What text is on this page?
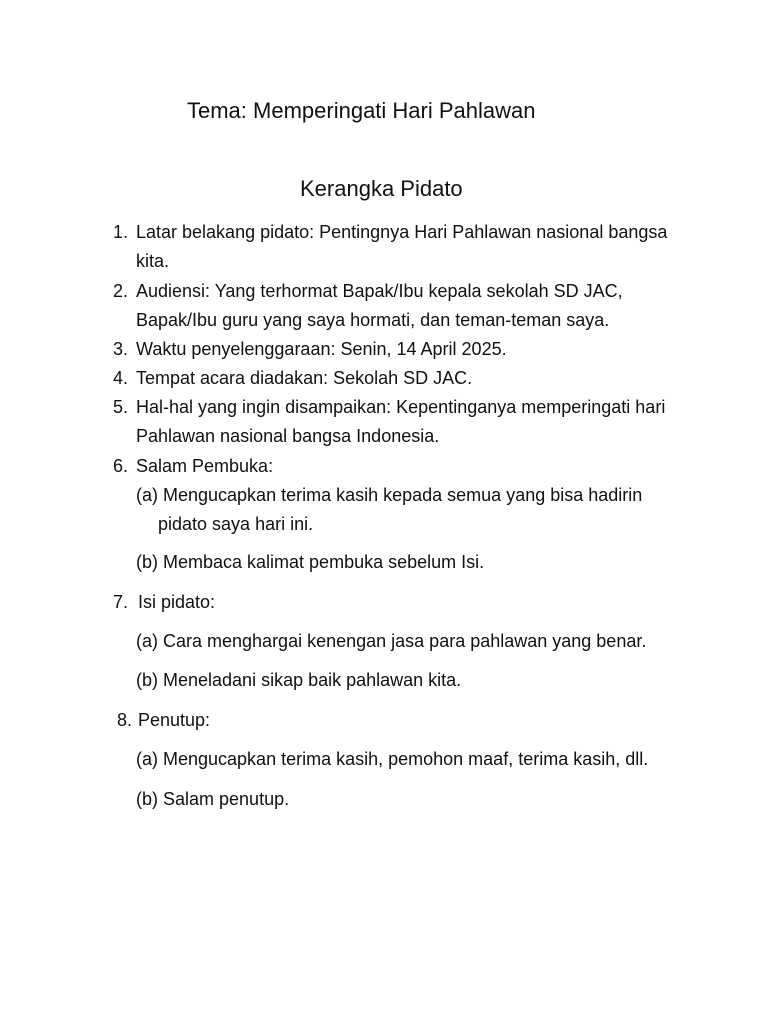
Tema: Memperingati Hari Pahlawan
Kerangka Pidato
1. Latar belakang pidato: Pentingnya Hari Pahlawan nasional bangsa
kita.
2. Audiensi: Yang terhormat Bapak/Ibu kepala sekolah SD JAC,
Bapak/Ibu guru yang saya hormati, dan teman-teman saya.
3. Waktu penyelenggaraan: Senin, 14 April 2025.
4. Tempat acara diadakan: Sekolah SD JAC.
5. Hal-hal yang ingin disampaikan: Kepentinganya memperingati hari
Pahlawan nasional bangsa Indonesia.
6. Salam Pembuka:
(a) Mengucapkan terima kasih kepada semua yang bisa hadirin
pidato saya hari ini.
(b) Membaca kalimat pembuka sebelum Isi.
7. Isi pidato:
(a) Cara menghargai kenengan jasa para pahlawan yang benar.
(b) Meneladani sikap baik pahlawan kita.
8. Penutup:
(a) Mengucapkan terima kasih, pemohon maaf, terima kasih, dll.
(b) Salam penutup.
